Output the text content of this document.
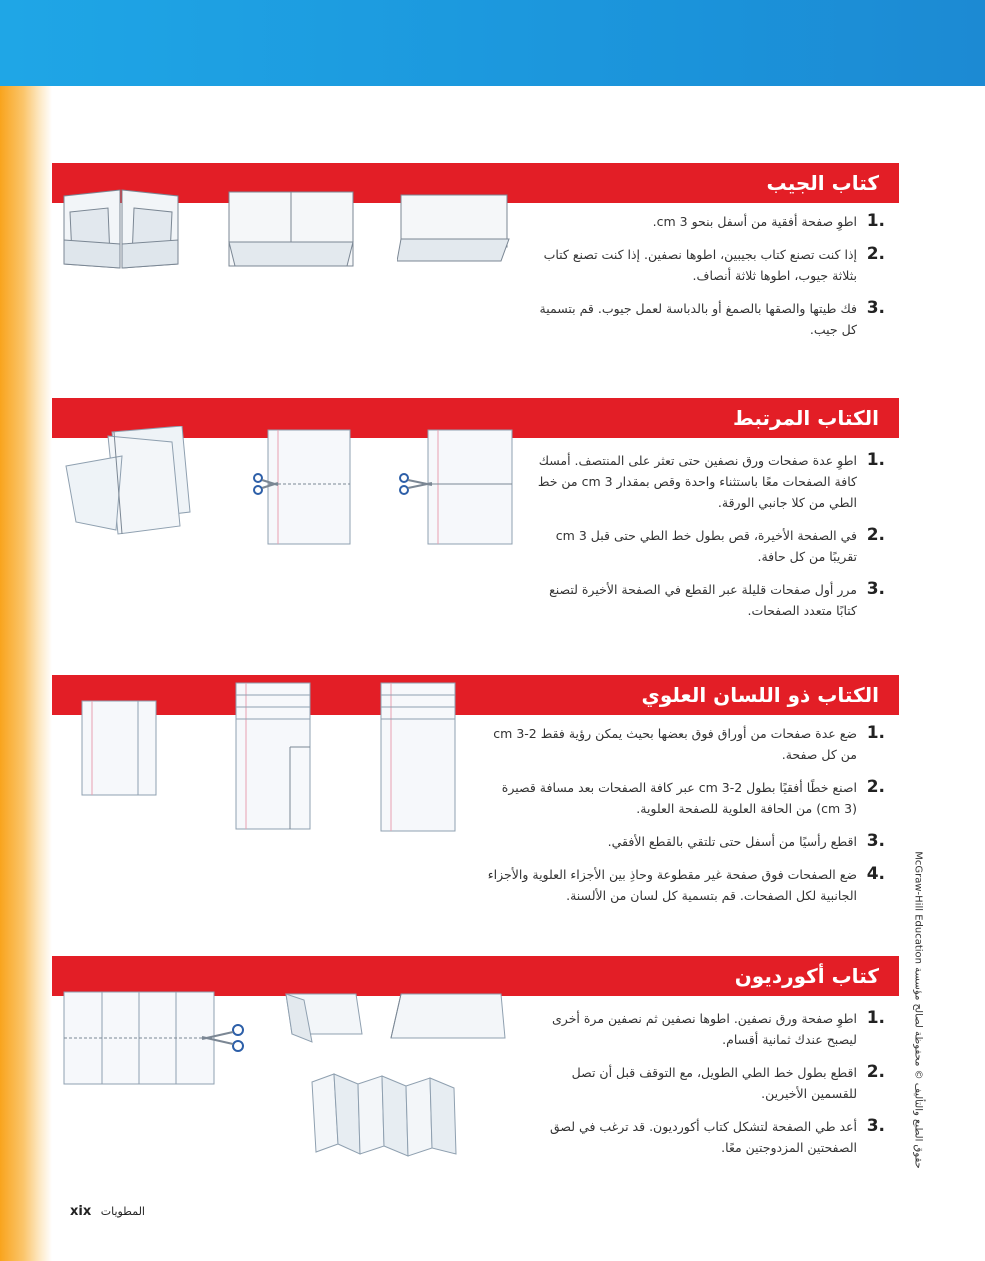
كتاب الجيب
1.
اطوِ صفحة أفقية من أسفل بنحو 3 cm.
2.
إذا كنت تصنع كتاب بجيبين، اطوها نصفين. إذا كنت تصنع كتاب بثلاثة جيوب، اطوها ثلاثة أنصاف.
3.
فك طيتها والصقها بالصمغ أو بالدباسة لعمل جيوب. قم بتسمية كل جيب.
الكتاب المرتبط
1.
اطوِ عدة صفحات ورق نصفين حتى تعثر على المنتصف. أمسك كافة الصفحات معًا باستثناء واحدة وقص بمقدار 3 cm من خط الطي من كلا جانبي الورقة.
2.
في الصفحة الأخيرة، قص بطول خط الطي حتى قبل 3 cm تقريبًا من كل حافة.
3.
مرر أول صفحات قليلة عبر القطع في الصفحة الأخيرة لتصنع كتابًا متعدد الصفحات.
الكتاب ذو اللسان العلوي
1.
ضع عدة صفحات من أوراق فوق بعضها بحيث يمكن رؤية فقط 2-3 cm من كل صفحة.
2.
اصنع خطًا أفقيًا بطول 2-3 cm عبر كافة الصفحات بعد مسافة قصيرة (3 cm) من الحافة العلوية للصفحة العلوية.
3.
اقطع رأسيًا من أسفل حتى تلتقي بالقطع الأفقي.
4.
ضع الصفحات فوق صفحة غير مقطوعة وحاذِ بين الأجزاء العلوية والأجزاء الجانبية لكل الصفحات. قم بتسمية كل لسان من الألسنة.
كتاب أكورديون
1.
اطوِ صفحة ورق نصفين. اطوها نصفين ثم نصفين مرة أخرى ليصبح عندك ثمانية أقسام.
2.
اقطع بطول خط الطي الطويل، مع التوقف قبل أن تصل للقسمين الأخيرين.
3.
أعد طي الصفحة لتشكل كتاب أكورديون. قد ترغب في لصق الصفحتين المزدوجتين معًا.
McGraw-Hill Education حقوق الطبع والتأليف © محفوظة لصالح مؤسسة
xix المطويات
